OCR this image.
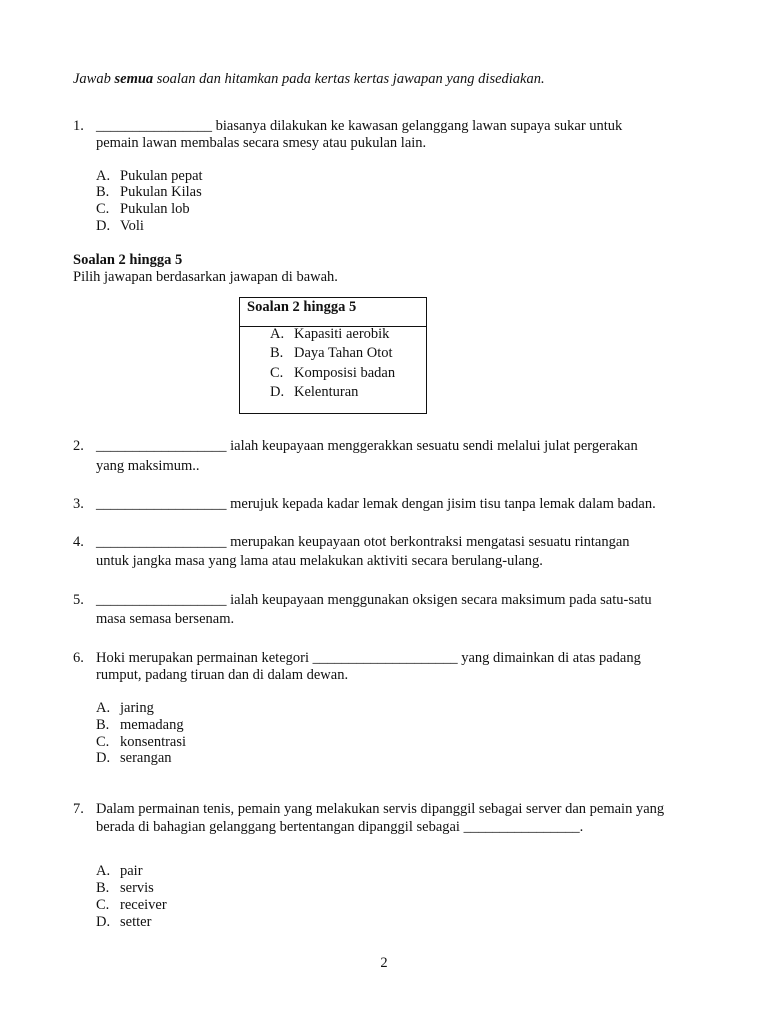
Jawab semua soalan dan hitamkan pada kertas kertas jawapan yang disediakan.
1. ________________ biasanya dilakukan ke kawasan gelanggang lawan supaya sukar untuk
pemain lawan membalas secara smesy atau pukulan lain.
A. Pukulan pepat
B. Pukulan Kilas
C. Pukulan lob
D. Voli
Soalan 2 hingga 5
Pilih jawapan berdasarkan jawapan di bawah.
Soalan 2 hingga 5
A. Kapasiti aerobik
B. Daya Tahan Otot
C. Komposisi badan
D. Kelenturan
2. __________________ ialah keupayaan menggerakkan sesuatu sendi melalui julat pergerakan
yang maksimum..
3. __________________ merujuk kepada kadar lemak dengan jisim tisu tanpa lemak dalam badan.
4. __________________ merupakan keupayaan otot berkontraksi mengatasi sesuatu rintangan
untuk jangka masa yang lama atau melakukan aktiviti secara berulang-ulang.
5. __________________ ialah keupayaan menggunakan oksigen secara maksimum pada satu-satu
masa semasa bersenam.
6. Hoki merupakan permainan ketegori ____________________ yang dimainkan di atas padang
rumput, padang tiruan dan di dalam dewan.
A. jaring
B. memadang
C. konsentrasi
D. serangan
7. Dalam permainan tenis, pemain yang melakukan servis dipanggil sebagai server dan pemain yang
berada di bahagian gelanggang bertentangan dipanggil sebagai ________________.
A. pair
B. servis
C. receiver
D. setter
2
